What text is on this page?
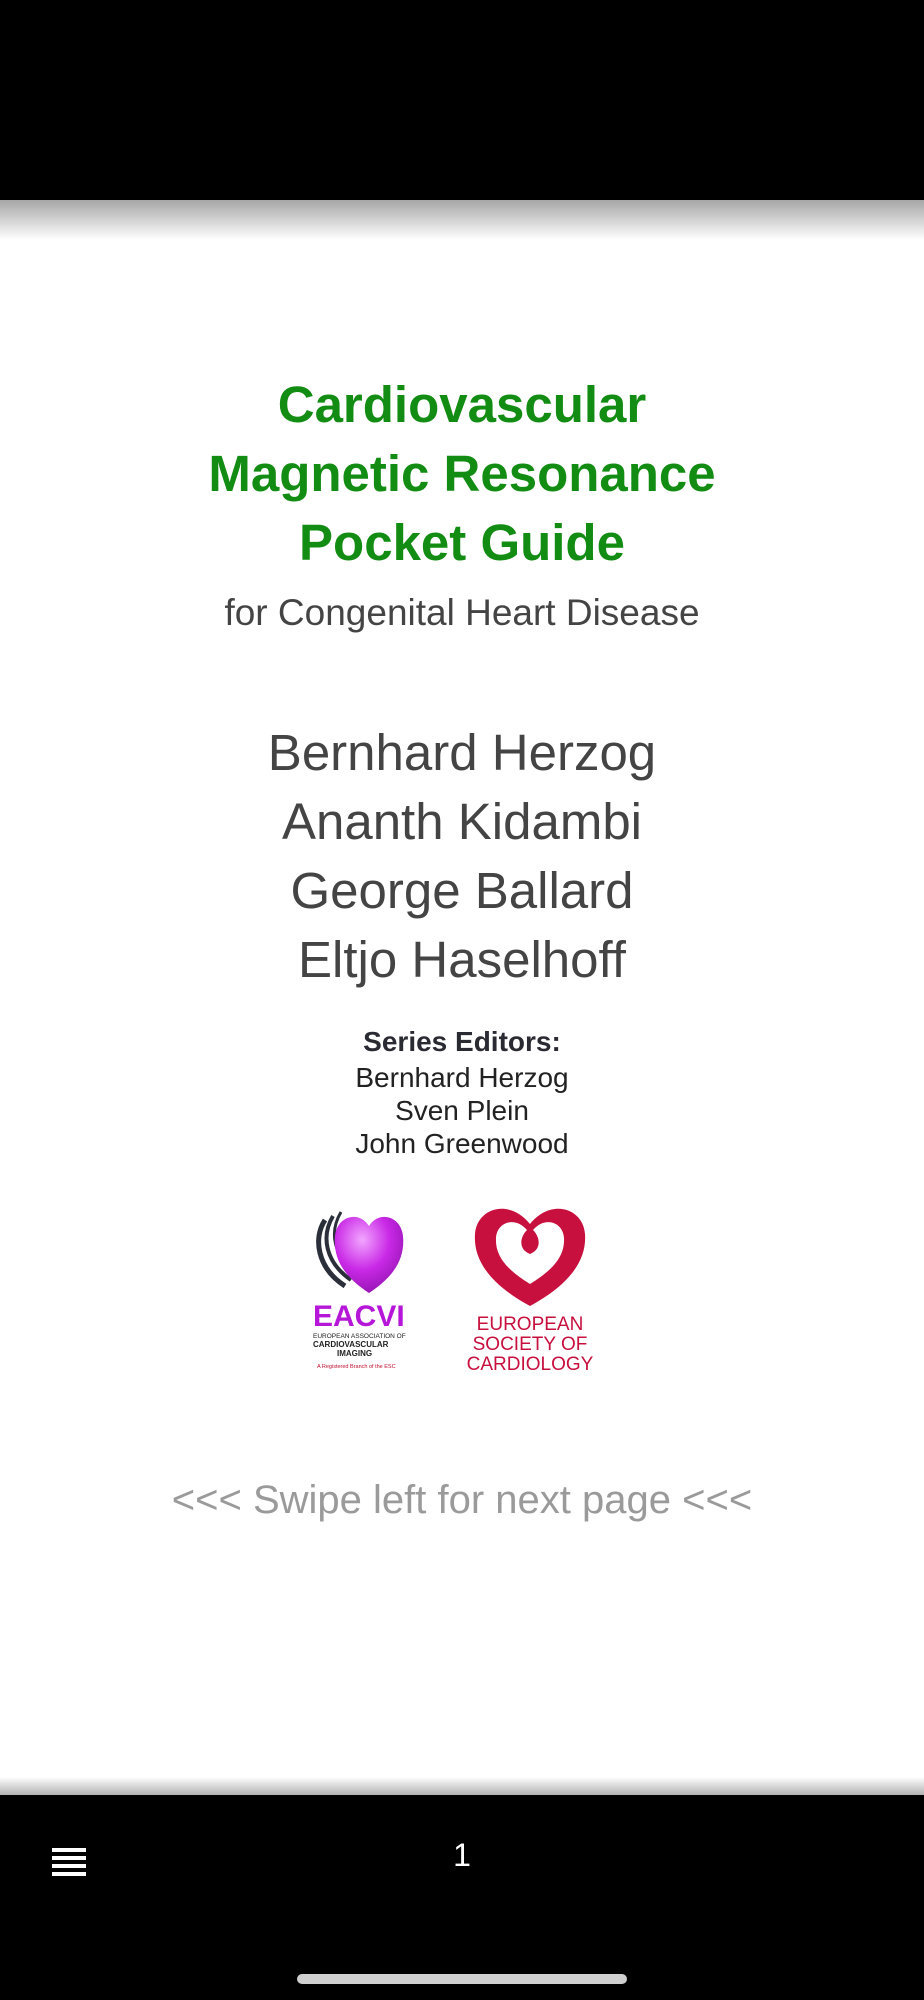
Cardiovascular
Magnetic Resonance
Pocket Guide
for Congenital Heart Disease
Bernhard Herzog
Ananth Kidambi
George Ballard
Eltjo Haselhoff
Series Editors:
Bernhard Herzog
Sven Plein
John Greenwood
EACVI
EUROPEAN ASSOCIATION OF
CARDIOVASCULAR
IMAGING
A Registered Branch of the ESC
EUROPEAN
SOCIETY OF
CARDIOLOGY
<<< Swipe left for next page <<<
1
